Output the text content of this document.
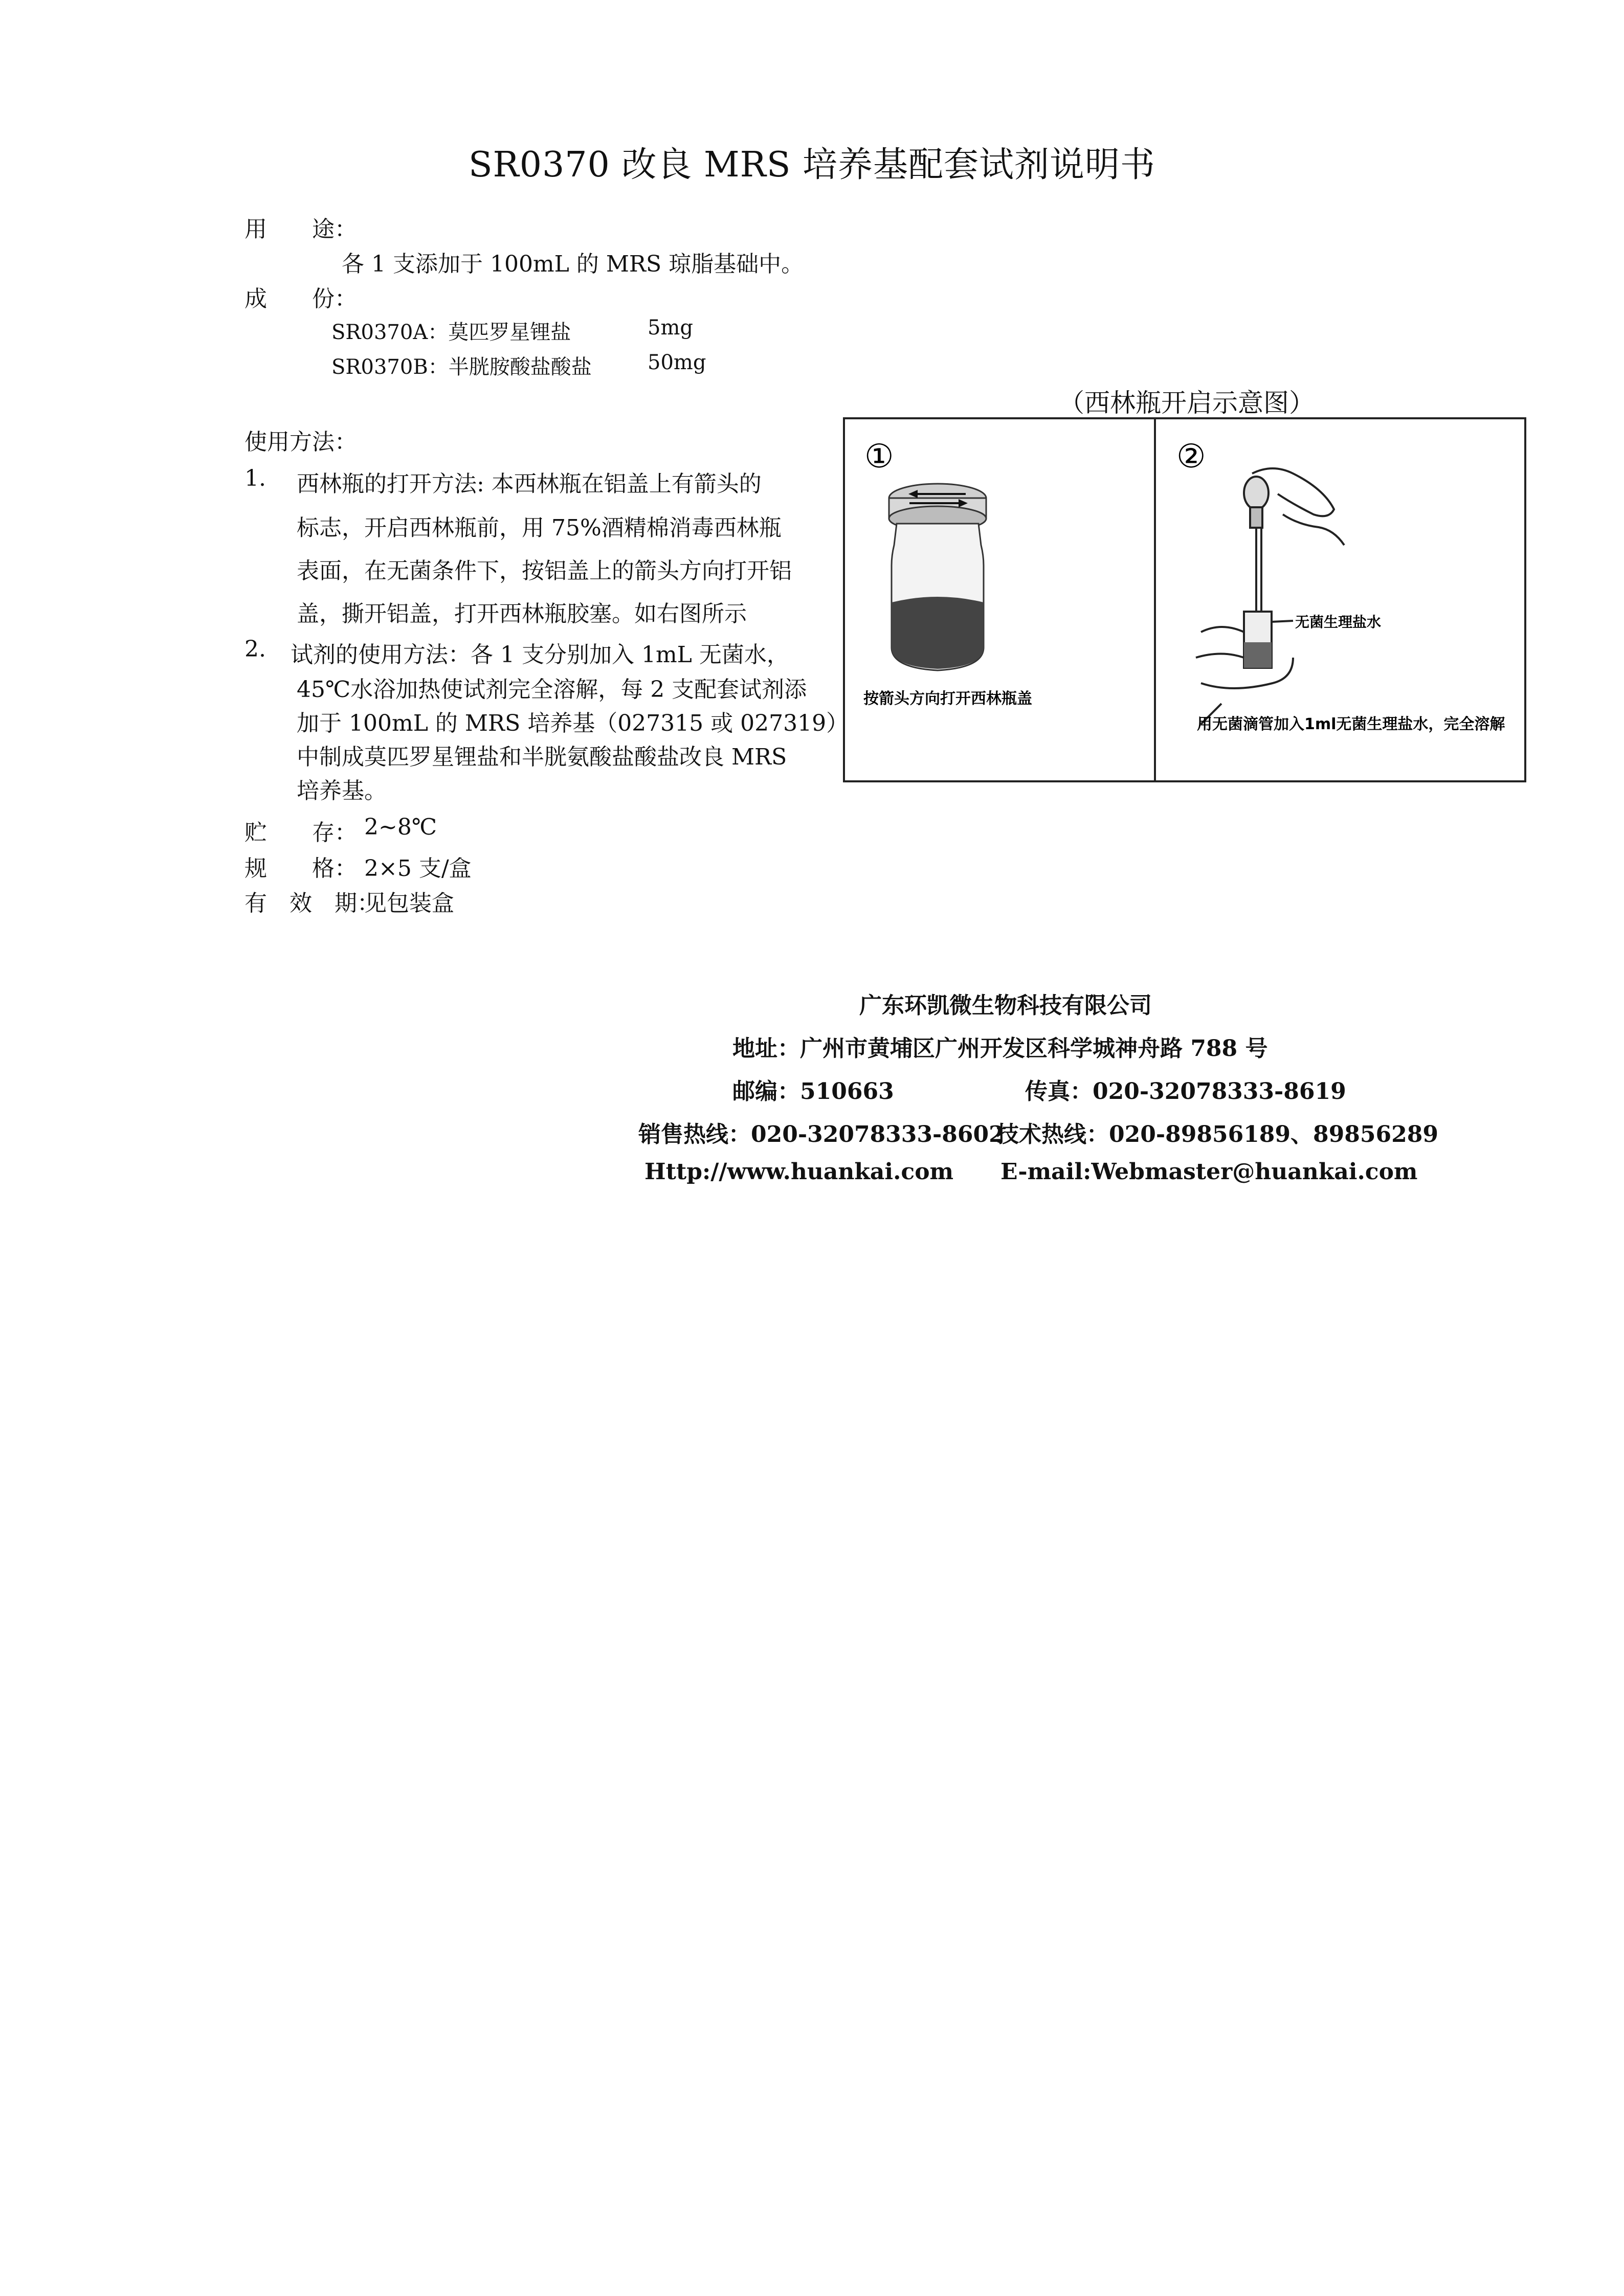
SR0370 改良 MRS 培养基配套试剂说明书
用　　途：
各 1 支添加于 100mL 的 MRS 琼脂基础中。
成　　份：
SR0370A：莫匹罗星锂盐	5mg
SR0370B：半胱胺酸盐酸盐	50mg
使用方法：
1. 西林瓶的打开方法: 本西林瓶在铝盖上有箭头的
标志，开启西林瓶前，用 75%酒精棉消毒西林瓶
表面，在无菌条件下，按铝盖上的箭头方向打开铝
盖，撕开铝盖，打开西林瓶胶塞。如右图所示
2. 试剂的使用方法：各 1 支分别加入 1mL 无菌水，
45℃水浴加热使试剂完全溶解，每 2 支配套试剂添
加于 100mL 的 MRS 培养基（027315 或 027319）
中制成莫匹罗星锂盐和半胱氨酸盐酸盐改良 MRS
培养基。
贮　　存： 2~8℃
规　　格： 2×5 支/盒
有　效　期：
见包装盒
（西林瓶开启示意图）
①
按箭头方向打开西林瓶盖
②
无菌生理盐水
用无菌滴管加入1ml无菌生理盐水，完全溶解
广东环凯微生物科技有限公司
地址：广州市黄埔区广州开发区科学城神舟路 788 号
邮编：510663	传真：020-32078333-8619
销售热线：020-32078333-8602
技术热线：020-89856189、89856289
Http://www.huankai.com E-mail:Webmaster@huankai.com
